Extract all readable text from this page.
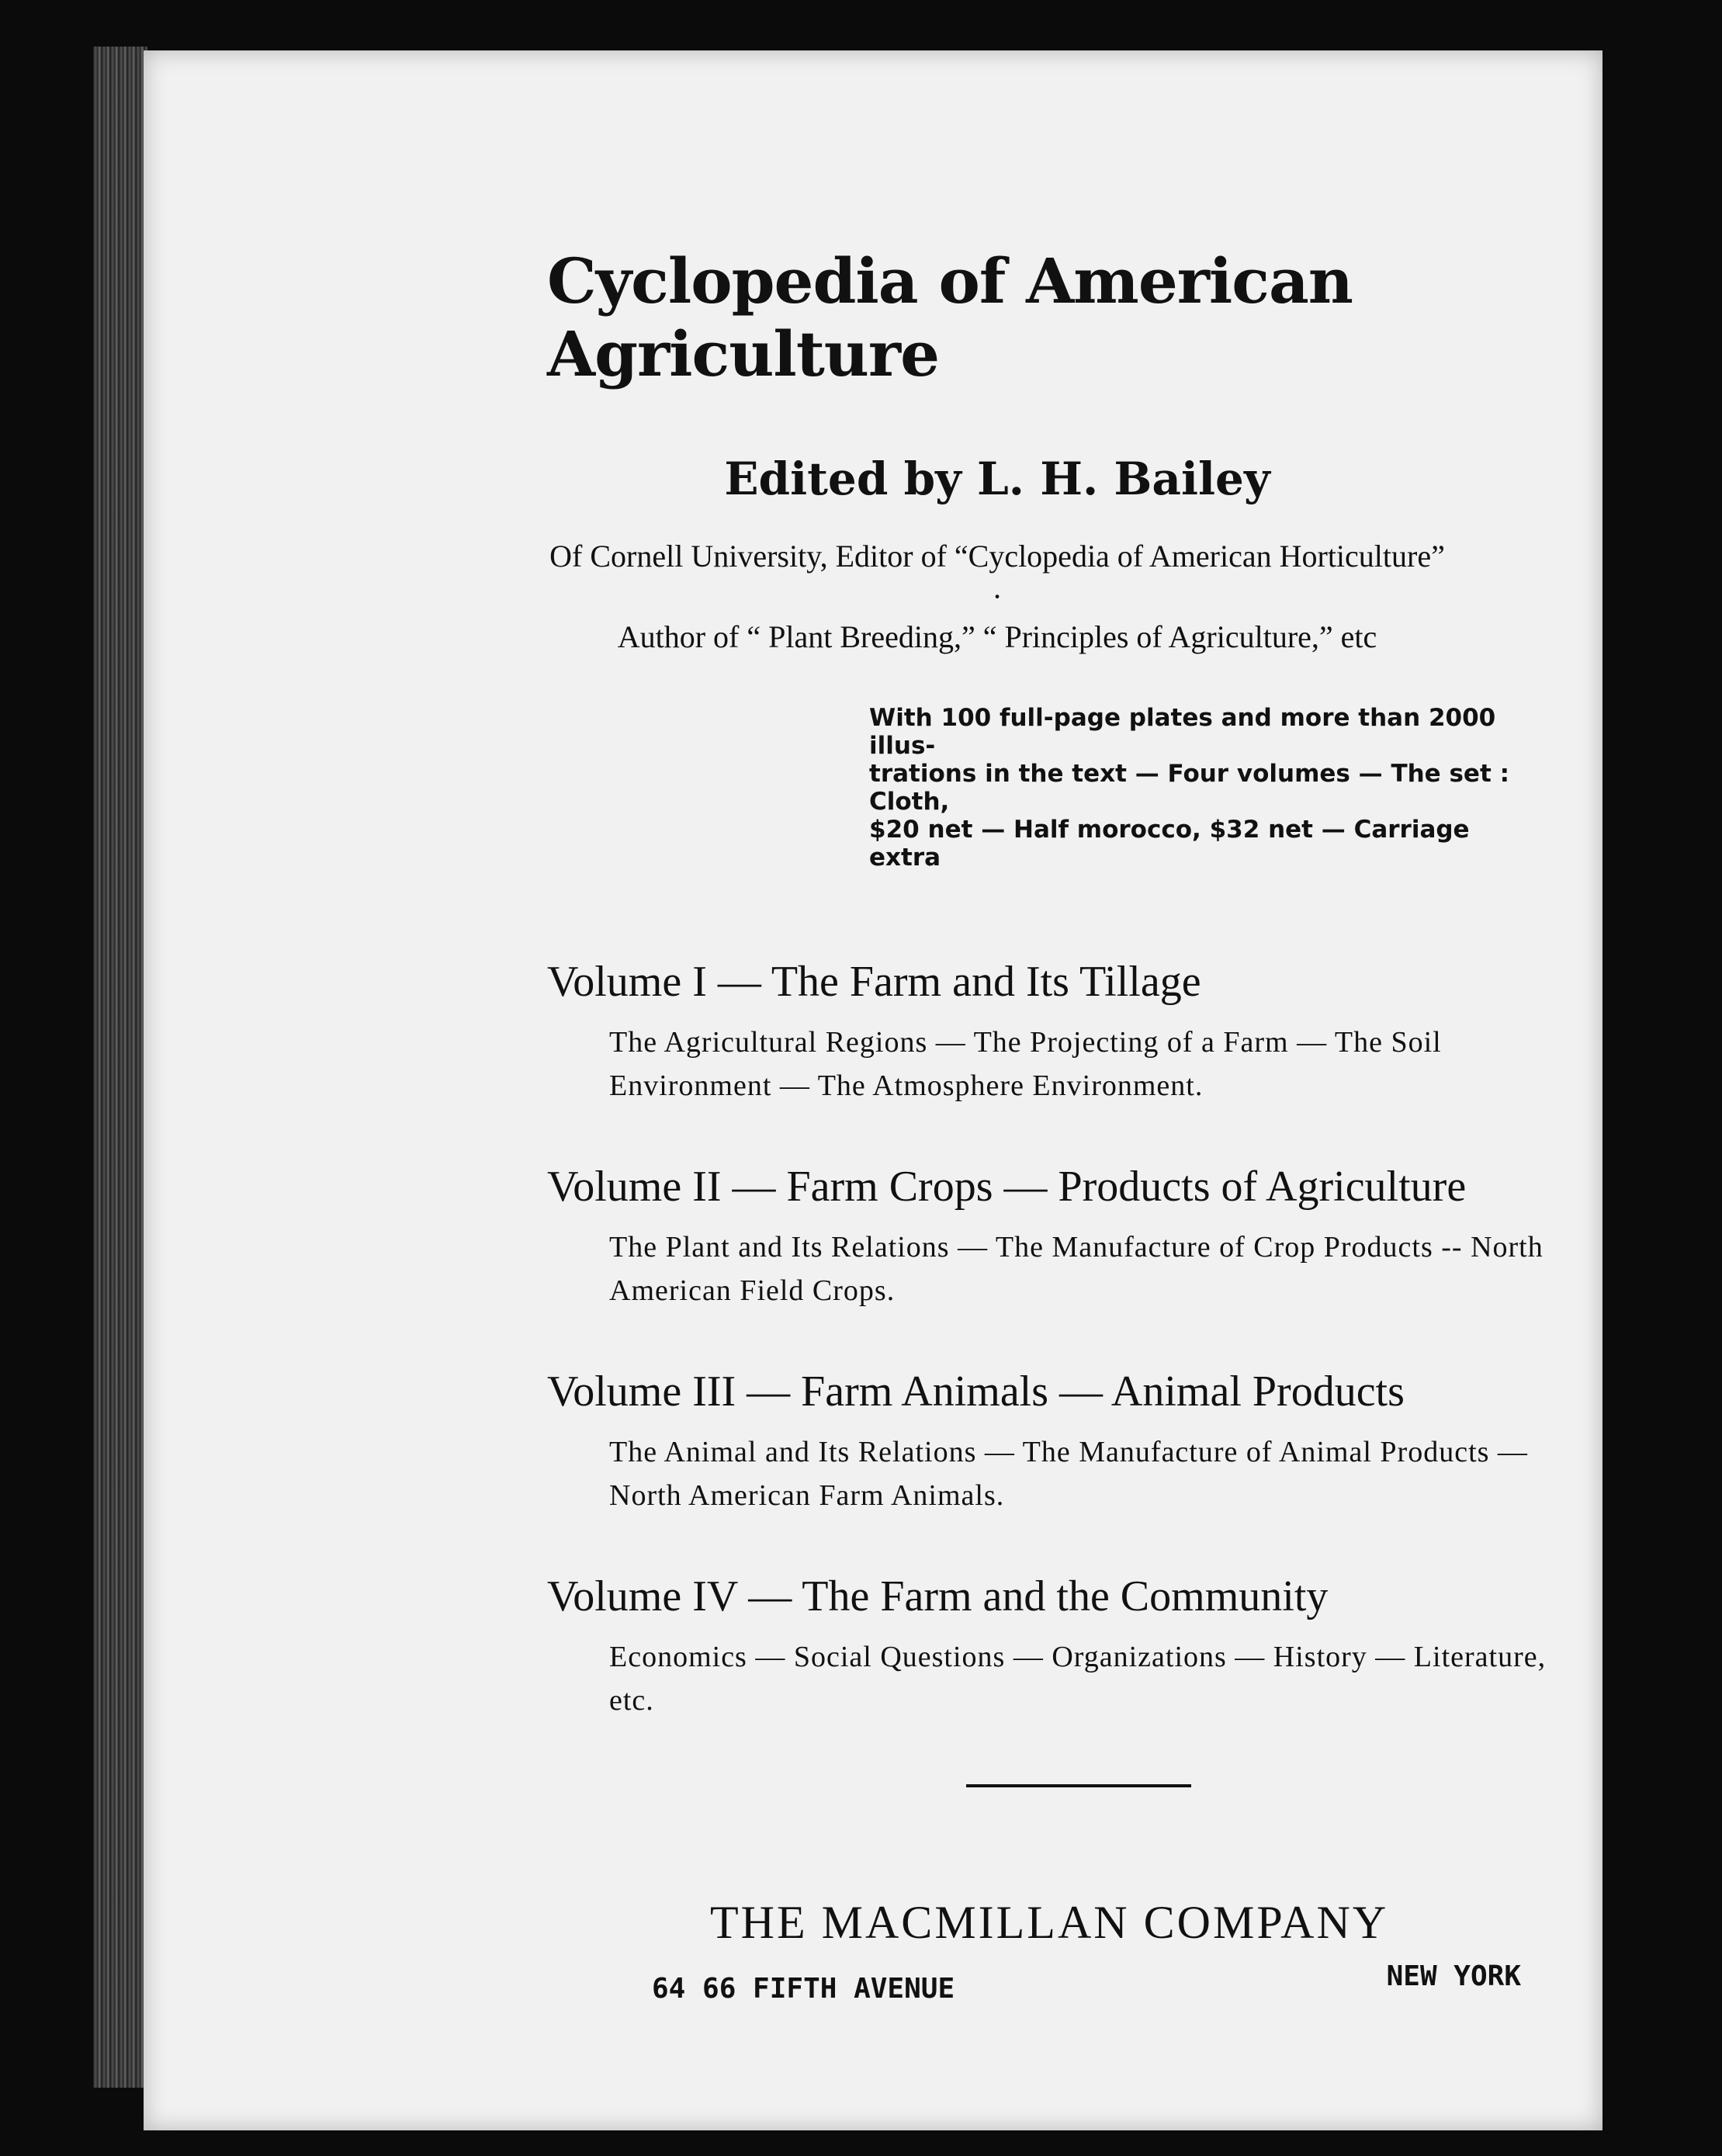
Cyclopedia of American Agriculture
Edited by L. H. Bailey
Of Cornell University, Editor of “Cyclopedia of American Horticulture” ·
Author of “ Plant Breeding,” “ Principles of Agriculture,” etc
With 100 full-page plates and more than 2000 illus-
trations in the text — Four volumes — The set : Cloth,
$20 net — Half morocco, $32 net — Carriage extra
Volume I — The Farm and Its Tillage
The Agricultural Regions — The Projecting of a Farm — The Soil Environment — The Atmosphere Environment.
Volume II — Farm Crops — Products of Agriculture
The Plant and Its Relations — The Manufacture of Crop Products -- North American Field Crops.
Volume III — Farm Animals — Animal Products
The Animal and Its Relations — The Manufacture of Animal Products — North American Farm Animals.
Volume IV — The Farm and the Community
Economics — Social Questions — Organizations — History — Literature, etc.
THE MACMILLAN COMPANY
64 66 FIFTH AVENUE	NEW YORK
